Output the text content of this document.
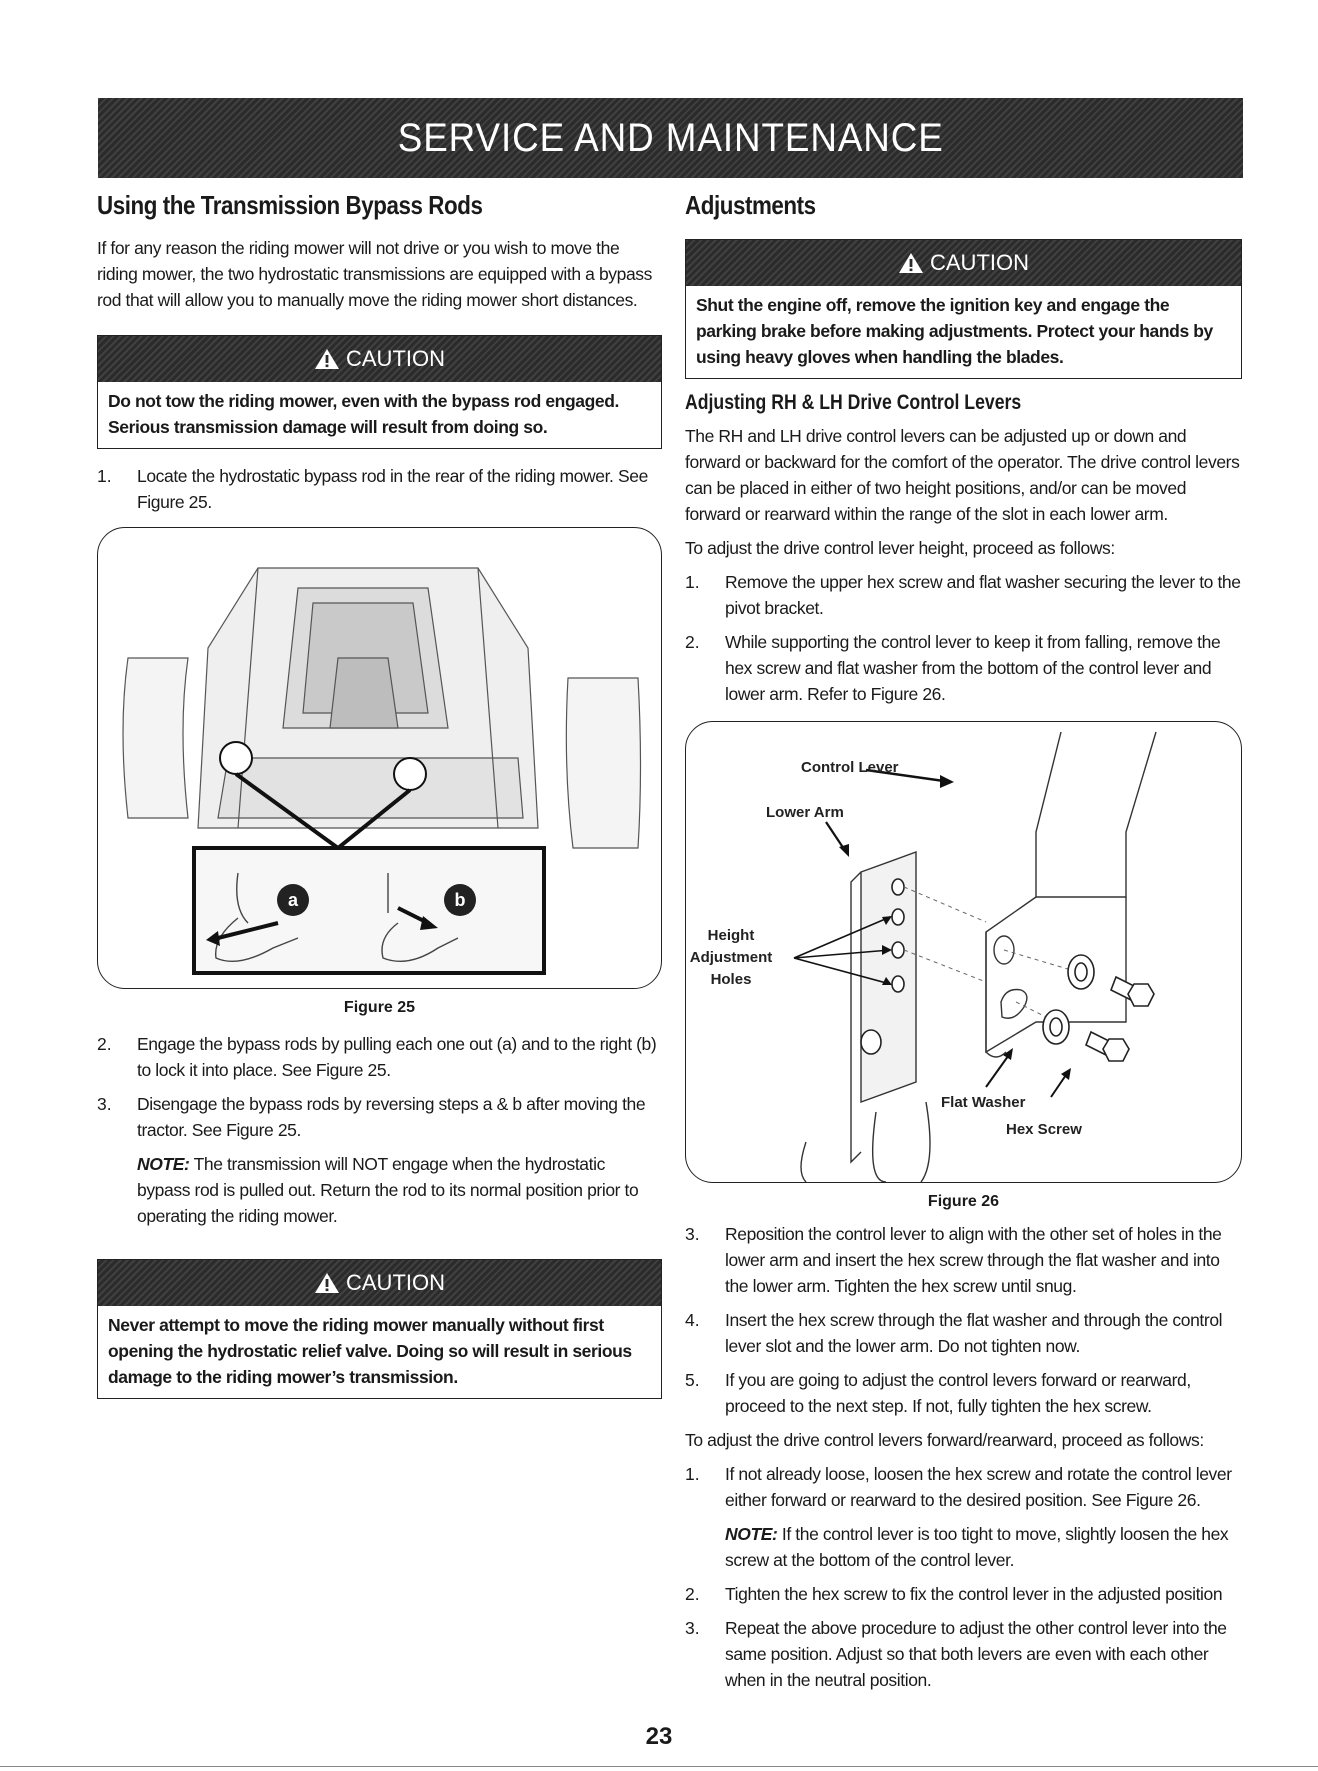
SERVICE AND MAINTENANCE
Using the Transmission Bypass Rods

If for any reason the riding mower will not drive or you wish to move the riding mower, the two hydrostatic transmissions are equipped with a bypass rod that will allow you to manually move the riding mower short distances.

CAUTION
Do not tow the riding mower, even with the bypass rod engaged. Serious transmission damage will result from doing so.
1.	Locate the hydrostatic bypass rod in the rear of the riding mower. See Figure 25.
a	b
Figure 25
2.	Engage the bypass rods by pulling each one out (a) and to the right (b) to lock it into place. See Figure 25.
3.	Disengage the bypass rods by reversing steps a & b after moving the tractor. See Figure 25.
NOTE: The transmission will NOT engage when the hydrostatic bypass rod is pulled out. Return the rod to its normal position prior to operating the riding mower.
CAUTION
Never attempt to move the riding mower manually without first opening the hydrostatic relief valve. Doing so will result in serious damage to the riding mower’s transmission.
Adjustments
CAUTION
Shut the engine off, remove the ignition key and engage the parking brake before making adjustments. Protect your hands by using heavy gloves when handling the blades.
Adjusting RH & LH Drive Control Levers

The RH and LH drive control levers can be adjusted up or down and forward or backward for the comfort of the operator. The drive control levers can be placed in either of two height positions, and/or can be moved forward or rearward within the range of the slot in each lower arm.

To adjust the drive control lever height, proceed as follows:

1.	Remove the upper hex screw and flat washer securing the lever to the pivot bracket.
2.	While supporting the control lever to keep it from falling, remove the hex screw and flat washer from the bottom of the control lever and lower arm. Refer to Figure 26.
Control Lever
Lower Arm
Height
Adjustment
Holes
Flat Washer
Hex Screw
Figure 26
3.	Reposition the control lever to align with the other set of holes in the lower arm and insert the hex screw through the flat washer and into the lower arm. Tighten the hex screw until snug.
4.	Insert the hex screw through the flat washer and through the control lever slot and the lower arm. Do not tighten now.
5.	If you are going to adjust the control levers forward or rearward, proceed to the next step. If not, fully tighten the hex screw.

To adjust the drive control levers forward/rearward, proceed as follows:

1.	If not already loose, loosen the hex screw and rotate the control lever either forward or rearward to the desired position. See Figure 26.
NOTE: If the control lever is too tight to move, slightly loosen the hex screw at the bottom of the control lever.
2.	Tighten the hex screw to fix the control lever in the adjusted position
3.	Repeat the above procedure to adjust the other control lever into the same position. Adjust so that both levers are even with each other when in the neutral position.
23
